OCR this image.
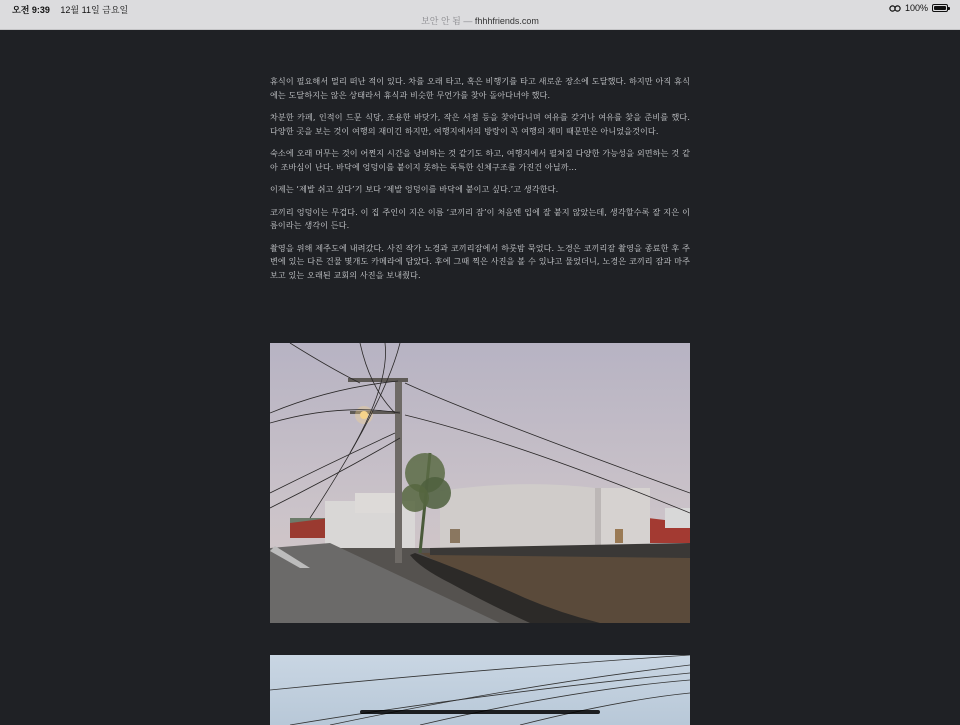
오전 9:39 12월 11일 금요일
보안 안 됨 — fhhhfriends.com
100%

휴식이 필요해서 멀리 떠난 적이 있다. 차를 오래 타고, 혹은 비행기를 타고 새로운 장소에 도달했다. 하지만 아직 휴식에는 도달하지는 않은 상태라서 휴식과 비슷한 무언가를 찾아 돌아다녀야 했다.

차분한 카페, 인적이 드문 식당, 조용한 바닷가, 작은 서점 등을 찾아다니며 여유를 갖거나 여유를 찾을 준비를 했다. 다양한 곳을 보는 것이 여행의 재미긴 하지만, 여행지에서의 방랑이 꼭 여행의 재미 때문만은 아니었을것이다.

숙소에 오래 머무는 것이 어쩐지 시간을 낭비하는 것 같기도 하고, 여행지에서 펼쳐질 다양한 가능성을 외면하는 것 같아 조바심이 난다. 바닥에 엉덩이를 붙이지 못하는 독특한 신체구조를 가진건 아닐까…

이제는 ‘제발 쉬고 싶다’기 보다 ‘제발 엉덩이를 바닥에 붙이고 싶다.’고 생각한다.

코끼리 엉덩이는 무겁다. 이 집 주인이 지은 이름 ‘코끼리 잠’이 처음엔 입에 잘 붙지 않았는데, 생각할수록 잘 지은 이름이라는 생각이 든다.

촬영을 위해 제주도에 내려갔다. 사진 작가 노경과 코끼리잠에서 하룻밤 묵었다. 노경은 코끼리잠 촬영을 종료한 후 주변에 있는 다른 건물 몇개도 카메라에 담았다. 후에 그때 찍은 사진을 볼 수 있냐고 물었더니, 노경은 코끼리 잠과 마주보고 있는 오래된 교회의 사진을 보내줬다.
